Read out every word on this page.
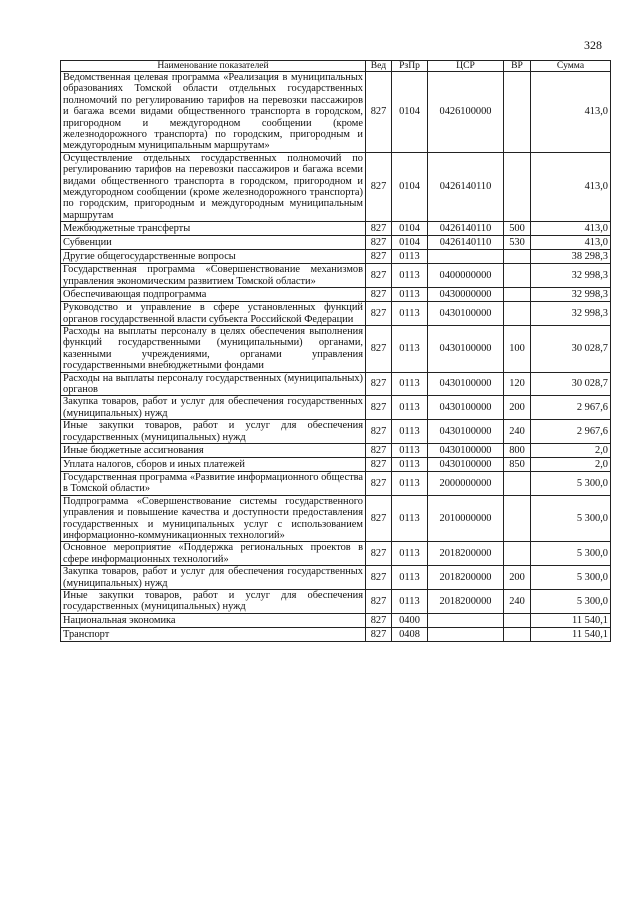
328
Наименование показателей	Вед	РзПр	ЦСР	ВР	Сумма
Ведомственная целевая программа «Реализация в муниципальных образованиях Томской области отдельных государственных полномочий по регулированию тарифов на перевозки пассажиров и багажа всеми видами общественного транспорта в городском, пригородном и междугородном сообщении (кроме железнодорожного транспорта) по городским, пригородным и междугородным муниципальным маршрутам»	827	0104	0426100000		413,0
Осуществление отдельных государственных полномочий по регулированию тарифов на перевозки пассажиров и багажа всеми видами общественного транспорта в городском, пригородном и междугородном сообщении (кроме железнодорожного транспорта) по городским, пригородным и междугородным муниципальным маршрутам	827	0104	0426140110		413,0
Межбюджетные трансферты	827	0104	0426140110	500	413,0
Субвенции	827	0104	0426140110	530	413,0
Другие общегосударственные вопросы	827	0113			38 298,3
Государственная программа «Совершенствование механизмов управления экономическим развитием Томской области»	827	0113	0400000000		32 998,3
Обеспечивающая подпрограмма	827	0113	0430000000		32 998,3
Руководство и управление в сфере установленных функций органов государственной власти субъекта Российской Федерации	827	0113	0430100000		32 998,3
Расходы на выплаты персоналу в целях обеспечения выполнения функций государственными (муниципальными) органами, казенными учреждениями, органами управления государственными внебюджетными фондами	827	0113	0430100000	100	30 028,7
Расходы на выплаты персоналу государственных (муниципальных) органов	827	0113	0430100000	120	30 028,7
Закупка товаров, работ и услуг для обеспечения государственных (муниципальных) нужд	827	0113	0430100000	200	2 967,6
Иные закупки товаров, работ и услуг для обеспечения государственных (муниципальных) нужд	827	0113	0430100000	240	2 967,6
Иные бюджетные ассигнования	827	0113	0430100000	800	2,0
Уплата налогов, сборов и иных платежей	827	0113	0430100000	850	2,0
Государственная программа «Развитие информационного общества в Томской области»	827	0113	2000000000		5 300,0
Подпрограмма «Совершенствование системы государственного управления и повышение качества и доступности предоставления государственных и муниципальных услуг с использованием информационно-коммуникационных технологий»	827	0113	2010000000		5 300,0
Основное мероприятие «Поддержка региональных проектов в сфере информационных технологий»	827	0113	2018200000		5 300,0
Закупка товаров, работ и услуг для обеспечения государственных (муниципальных) нужд	827	0113	2018200000	200	5 300,0
Иные закупки товаров, работ и услуг для обеспечения государственных (муниципальных) нужд	827	0113	2018200000	240	5 300,0
Национальная экономика	827	0400			11 540,1
Транспорт	827	0408			11 540,1
